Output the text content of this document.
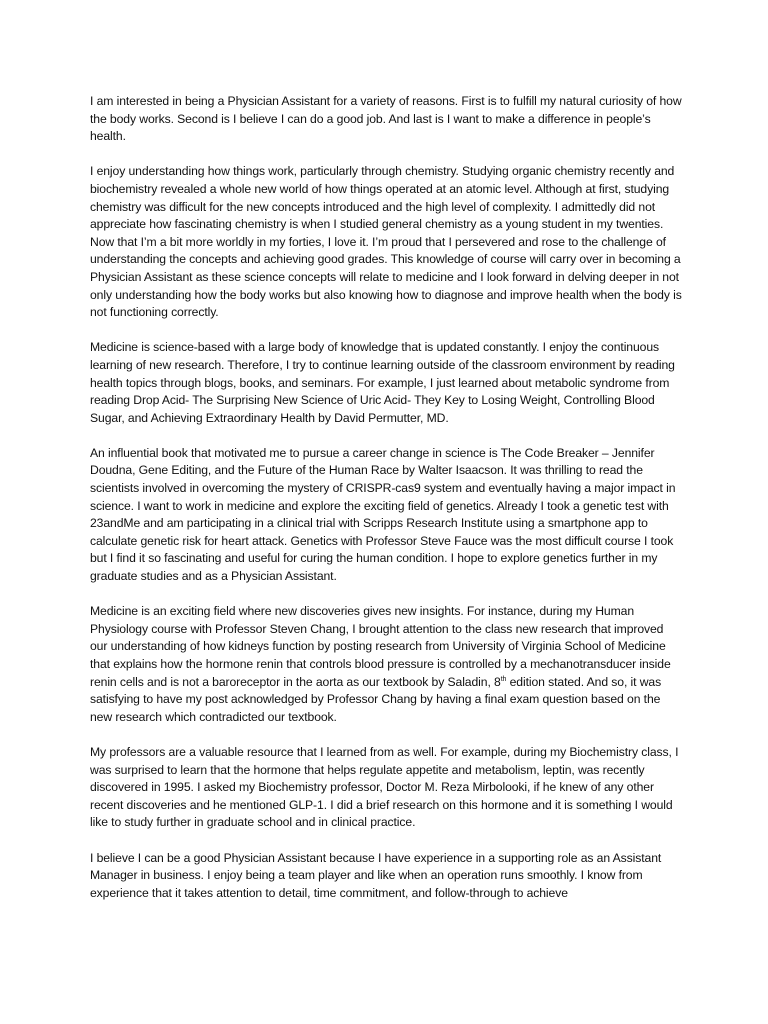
I am interested in being a Physician Assistant for a variety of reasons. First is to fulfill my natural curiosity of how the body works. Second is I believe I can do a good job. And last is I want to make a difference in people’s health.

I enjoy understanding how things work, particularly through chemistry. Studying organic chemistry recently and biochemistry revealed a whole new world of how things operated at an atomic level. Although at first, studying chemistry was difficult for the new concepts introduced and the high level of complexity. I admittedly did not appreciate how fascinating chemistry is when I studied general chemistry as a young student in my twenties. Now that I’m a bit more worldly in my forties, I love it. I’m proud that I persevered and rose to the challenge of understanding the concepts and achieving good grades. This knowledge of course will carry over in becoming a Physician Assistant as these science concepts will relate to medicine and I look forward in delving deeper in not only understanding how the body works but also knowing how to diagnose and improve health when the body is not functioning correctly.

Medicine is science-based with a large body of knowledge that is updated constantly. I enjoy the continuous learning of new research. Therefore, I try to continue learning outside of the classroom environment by reading health topics through blogs, books, and seminars. For example, I just learned about metabolic syndrome from reading Drop Acid- The Surprising New Science of Uric Acid- They Key to Losing Weight, Controlling Blood Sugar, and Achieving Extraordinary Health by David Permutter, MD.

An influential book that motivated me to pursue a career change in science is The Code Breaker – Jennifer Doudna, Gene Editing, and the Future of the Human Race by Walter Isaacson. It was thrilling to read the scientists involved in overcoming the mystery of CRISPR-cas9 system and eventually having a major impact in science. I want to work in medicine and explore the exciting field of genetics. Already I took a genetic test with 23andMe and am participating in a clinical trial with Scripps Research Institute using a smartphone app to calculate genetic risk for heart attack. Genetics with Professor Steve Fauce was the most difficult course I took but I find it so fascinating and useful for curing the human condition. I hope to explore genetics further in my graduate studies and as a Physician Assistant.

Medicine is an exciting field where new discoveries gives new insights. For instance, during my Human Physiology course with Professor Steven Chang, I brought attention to the class new research that improved our understanding of how kidneys function by posting research from University of Virginia School of Medicine that explains how the hormone renin that controls blood pressure is controlled by a mechanotransducer inside renin cells and is not a baroreceptor in the aorta as our textbook by Saladin, 8th edition stated. And so, it was satisfying to have my post acknowledged by Professor Chang by having a final exam question based on the new research which contradicted our textbook.

My professors are a valuable resource that I learned from as well. For example, during my Biochemistry class, I was surprised to learn that the hormone that helps regulate appetite and metabolism, leptin, was recently discovered in 1995. I asked my Biochemistry professor, Doctor M. Reza Mirbolooki, if he knew of any other recent discoveries and he mentioned GLP-1. I did a brief research on this hormone and it is something I would like to study further in graduate school and in clinical practice.

I believe I can be a good Physician Assistant because I have experience in a supporting role as an Assistant Manager in business. I enjoy being a team player and like when an operation runs smoothly. I know from experience that it takes attention to detail, time commitment, and follow-through to achieve
